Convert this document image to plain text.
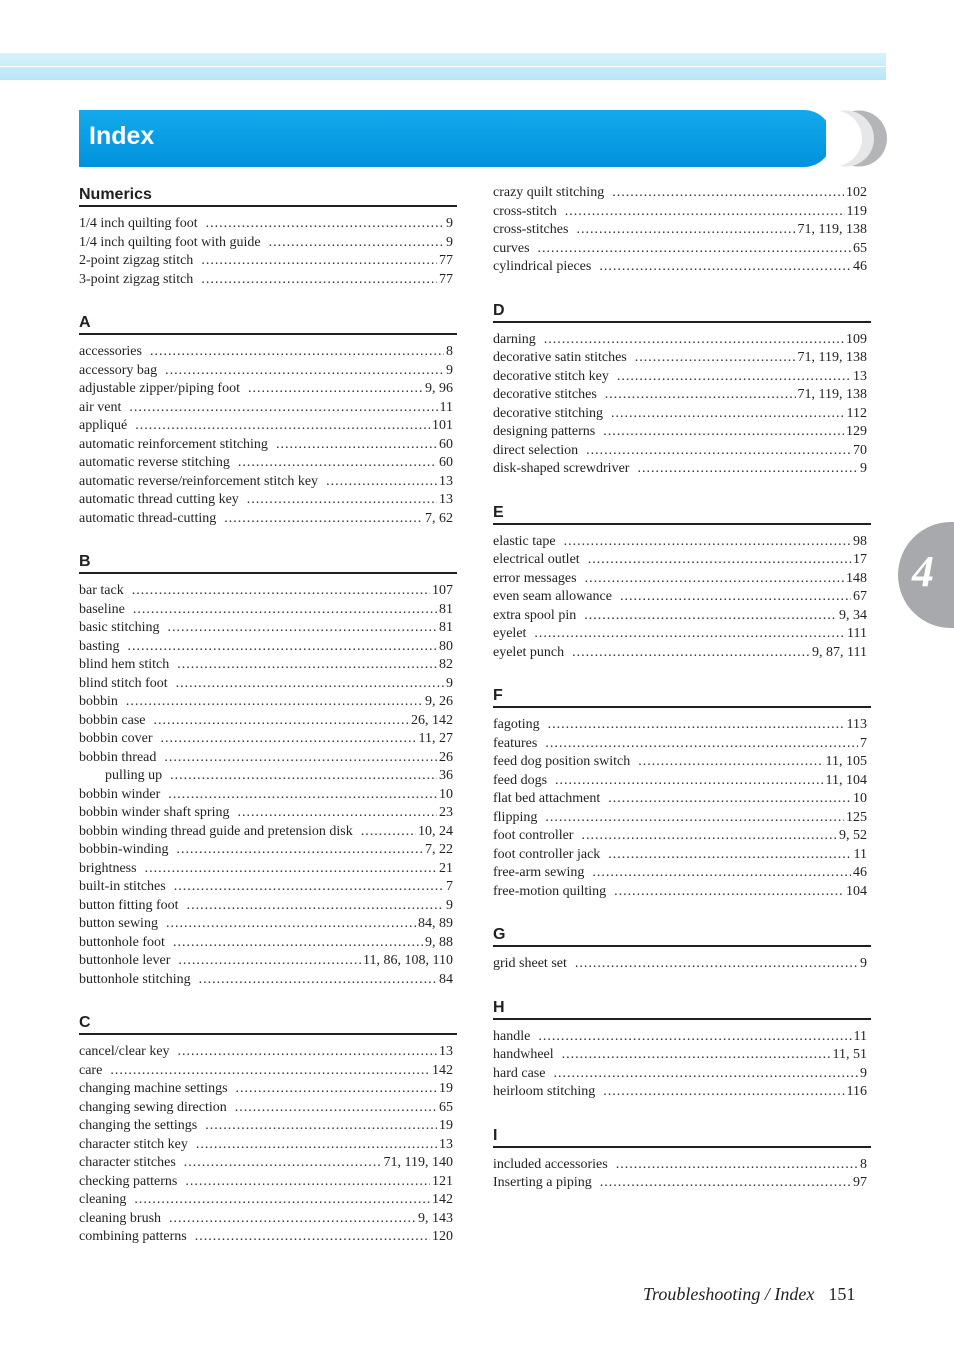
Index
4
Numerics
1/4 inch quilting foot .....	9
1/4 inch quilting foot with guide .....	9
2-point zigzag stitch .....	77
3-point zigzag stitch .....	77
A
accessories .....	8
accessory bag .....	9
adjustable zipper/piping foot .....	9, 96
air vent .....	11
appliqué .....	101
automatic reinforcement stitching .....	60
automatic reverse stitching .....	60
automatic reverse/reinforcement stitch key .....	13
automatic thread cutting key .....	13
automatic thread-cutting .....	7, 62
B
bar tack .....	107
baseline .....	81
basic stitching .....	81
basting .....	80
blind hem stitch .....	82
blind stitch foot .....	9
bobbin .....	9, 26
bobbin case .....	26, 142
bobbin cover .....	11, 27
bobbin thread .....	26
pulling up .....	36
bobbin winder .....	10
bobbin winder shaft spring .....	23
bobbin winding thread guide and pretension disk .....	10, 24
bobbin-winding .....	7, 22
brightness .....	21
built-in stitches .....	7
button fitting foot .....	9
button sewing .....	84, 89
buttonhole foot .....	9, 88
buttonhole lever .....	11, 86, 108, 110
buttonhole stitching .....	84
C
cancel/clear key .....	13
care .....	142
changing machine settings .....	19
changing sewing direction .....	65
changing the settings .....	19
character stitch key .....	13
character stitches .....	71, 119, 140
checking patterns .....	121
cleaning .....	142
cleaning brush .....	9, 143
combining patterns .....	120
crazy quilt stitching .....	102
cross-stitch .....	119
cross-stitches .....	71, 119, 138
curves .....	65
cylindrical pieces .....	46
D
darning .....	109
decorative satin stitches .....	71, 119, 138
decorative stitch key .....	13
decorative stitches .....	71, 119, 138
decorative stitching .....	112
designing patterns .....	129
direct selection .....	70
disk-shaped screwdriver .....	9
E
elastic tape .....	98
electrical outlet .....	17
error messages .....	148
even seam allowance .....	67
extra spool pin .....	9, 34
eyelet .....	111
eyelet punch .....	9, 87, 111
F
fagoting .....	113
features .....	7
feed dog position switch .....	11, 105
feed dogs .....	11, 104
flat bed attachment .....	10
flipping .....	125
foot controller .....	9, 52
foot controller jack .....	11
free-arm sewing .....	46
free-motion quilting .....	104
G
grid sheet set .....	9
H
handle .....	11
handwheel .....	11, 51
hard case .....	9
heirloom stitching .....	116
I
included accessories .....	8
Inserting a piping .....	97
Troubleshooting / Index 151
